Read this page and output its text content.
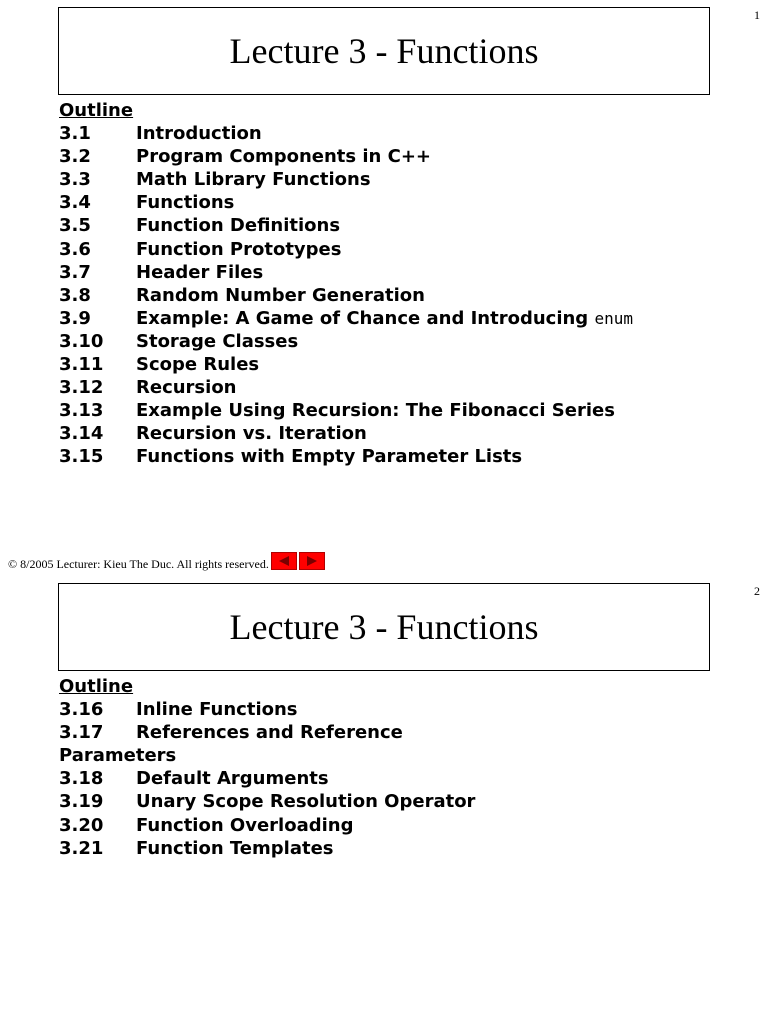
1
Lecture 3 - Functions
Outline
3.1	Introduction
3.2	Program Components in C++
3.3	Math Library Functions
3.4	Functions
3.5	Function Definitions
3.6	Function Prototypes
3.7	Header Files
3.8	Random Number Generation
3.9	Example: A Game of Chance and Introducing enum
3.10	Storage Classes
3.11	Scope Rules
3.12	Recursion
3.13	Example Using Recursion: The Fibonacci Series
3.14	Recursion vs. Iteration
3.15	Functions with Empty Parameter Lists
© 8/2005 Lecturer: Kieu The Duc. All rights reserved.
2
Lecture 3 - Functions
Outline
3.16	Inline Functions
3.17	References and Reference
Parameters
3.18	Default Arguments
3.19	Unary Scope Resolution Operator
3.20	Function Overloading
3.21	Function Templates
